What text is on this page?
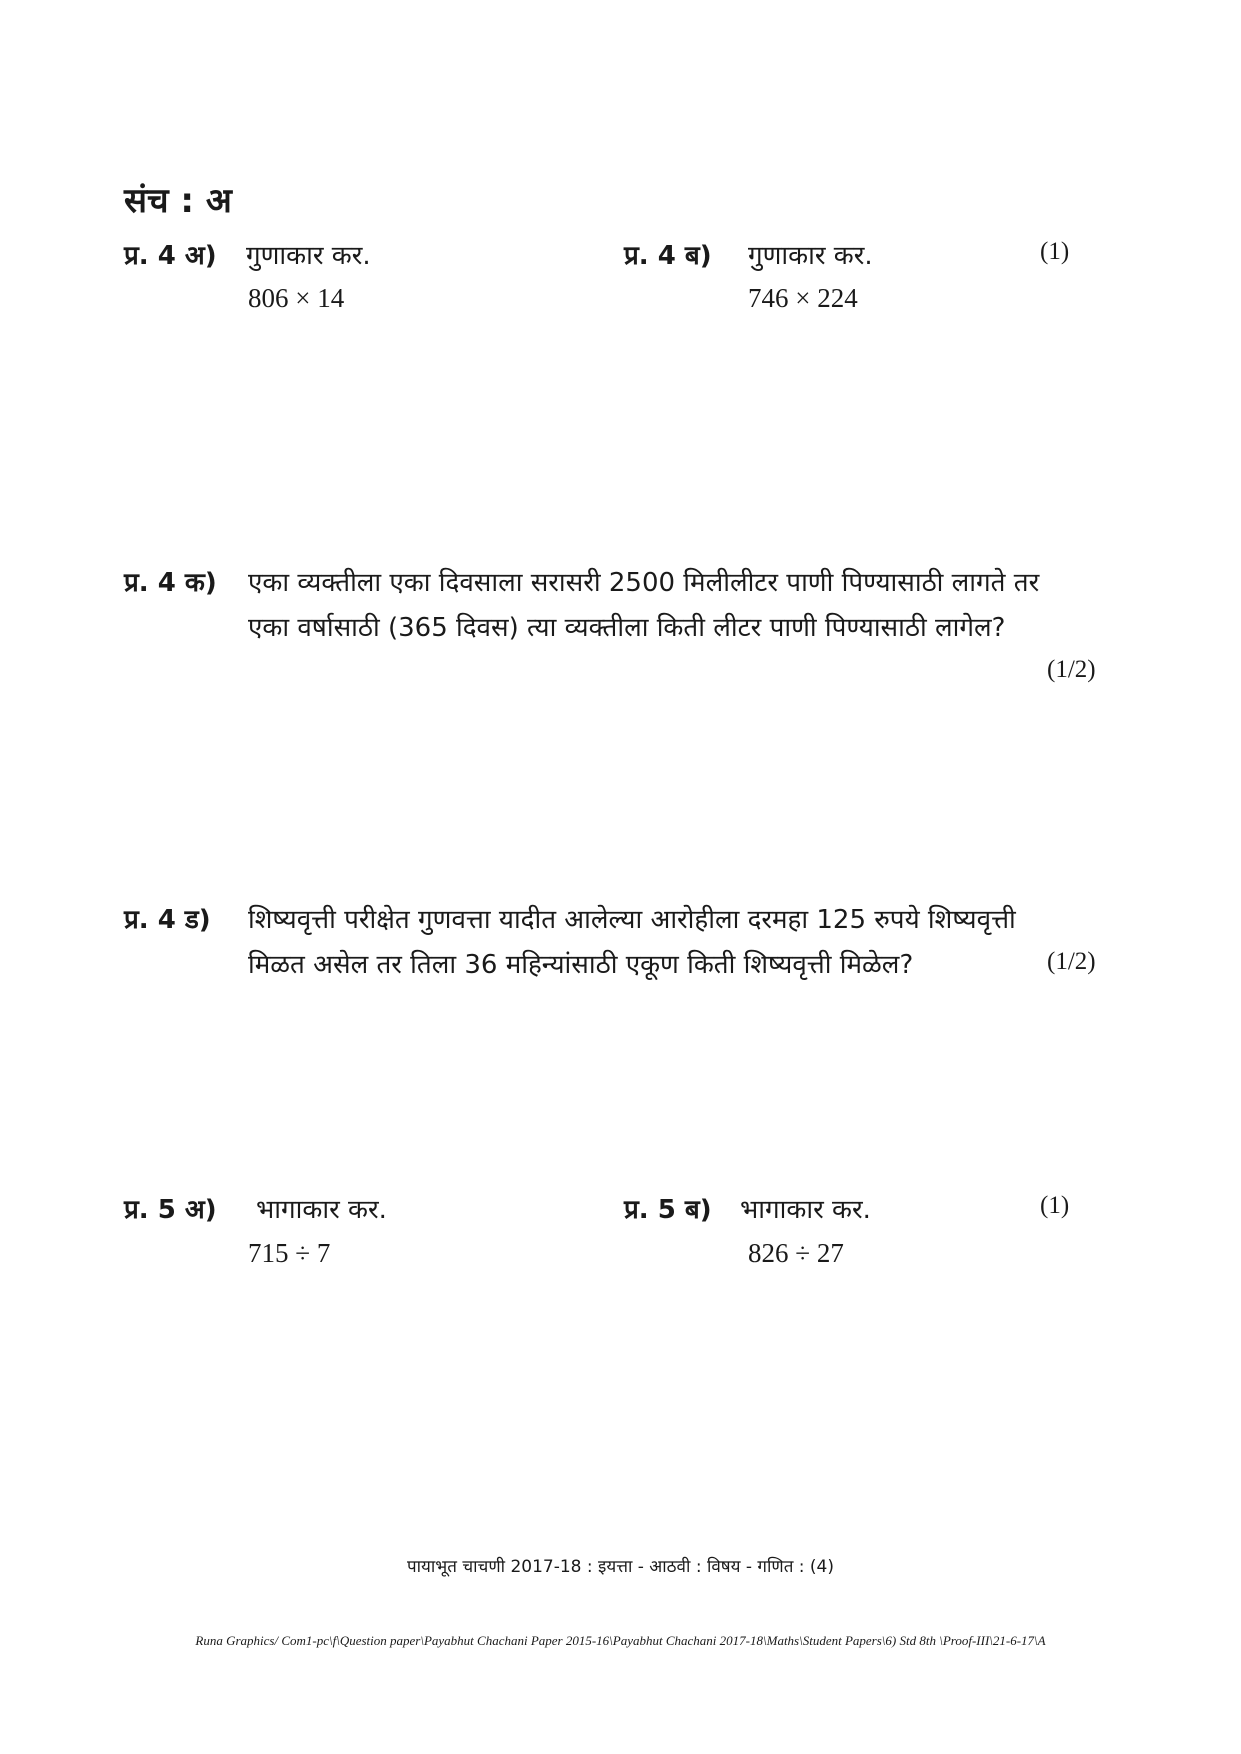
संच : अ
प्र. 4 अ) गुणाकार कर.
806 × 14
प्र. 4 ब) गुणाकार कर.	(1)
746 × 224
प्र. 4 क) एका व्यक्तीला एका दिवसाला सरासरी 2500 मिलीलीटर पाणी पिण्यासाठी लागते तर
एका वर्षासाठी (365 दिवस) त्या व्यक्तीला किती लीटर पाणी पिण्यासाठी लागेल?
(1/2)
प्र. 4 ड) शिष्यवृत्ती परीक्षेत गुणवत्ता यादीत आलेल्या आरोहीला दरमहा 125 रुपये शिष्यवृत्ती
मिळत असेल तर तिला 36 महिन्यांसाठी एकूण किती शिष्यवृत्ती मिळेल?	(1/2)
प्र. 5 अ) भागाकार कर.
715 ÷ 7
प्र. 5 ब) भागाकार कर.	(1)
826 ÷ 27
पायाभूत चाचणी 2017-18 : इयत्ता - आठवी : विषय - गणित : (4)
Runa Graphics/ Com1-pc\f\Question paper\Payabhut Chachani Paper 2015-16\Payabhut Chachani 2017-18\Maths\Student Papers\6) Std 8th \Proof-III\21-6-17\A
